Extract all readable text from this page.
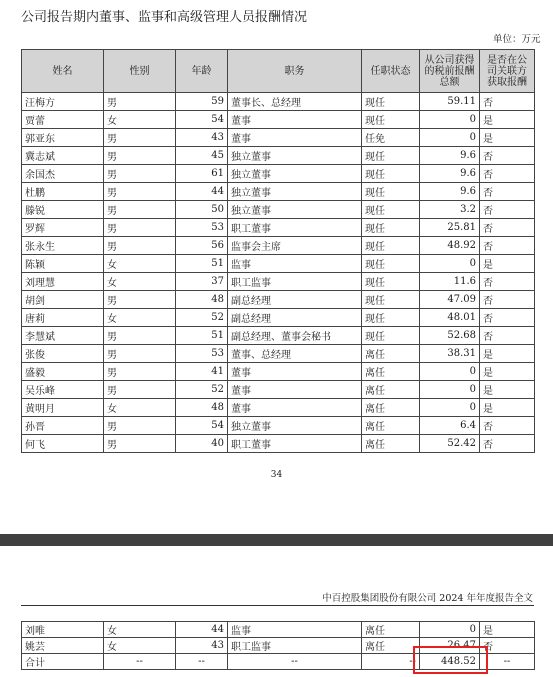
公司报告期内董事、监事和高级管理人员报酬情况
单位：万元
姓名	性别	年龄	职务	任职状态	从公司获得的税前报酬总额	是否在公司关联方获取报酬
汪梅方	男	59	董事长、总经理	现任	59.11	否
贾蕾	女	54	董事	现任	0	是
郭亚东	男	43	董事	任免	0	是
冀志斌	男	45	独立董事	现任	9.6	否
余国杰	男	61	独立董事	现任	9.6	否
杜鹏	男	44	独立董事	现任	9.6	否
滕锐	男	50	独立董事	现任	3.2	否
罗辉	男	53	职工董事	现任	25.81	否
张永生	男	56	监事会主席	现任	48.92	否
陈颖	女	51	监事	现任	0	是
刘理慧	女	37	职工监事	现任	11.6	否
胡剑	男	48	副总经理	现任	47.09	否
唐莉	女	52	副总经理	现任	48.01	否
李慧斌	男	51	副总经理、董事会秘书	现任	52.68	否
张俊	男	53	董事、总经理	离任	38.31	是
盛毅	男	41	董事	离任	0	是
吴乐峰	男	52	董事	离任	0	是
黄明月	女	48	董事	离任	0	是
孙晋	男	54	独立董事	离任	6.4	否
何飞	男	40	职工董事	离任	52.42	否
34
中百控股集团股份有限公司 2024 年年度报告全文
刘唯	女	44	监事	离任	0	是
姚芸	女	43	职工监事	离任	26.47	否
合计	--	--	--	--	448.52	--
